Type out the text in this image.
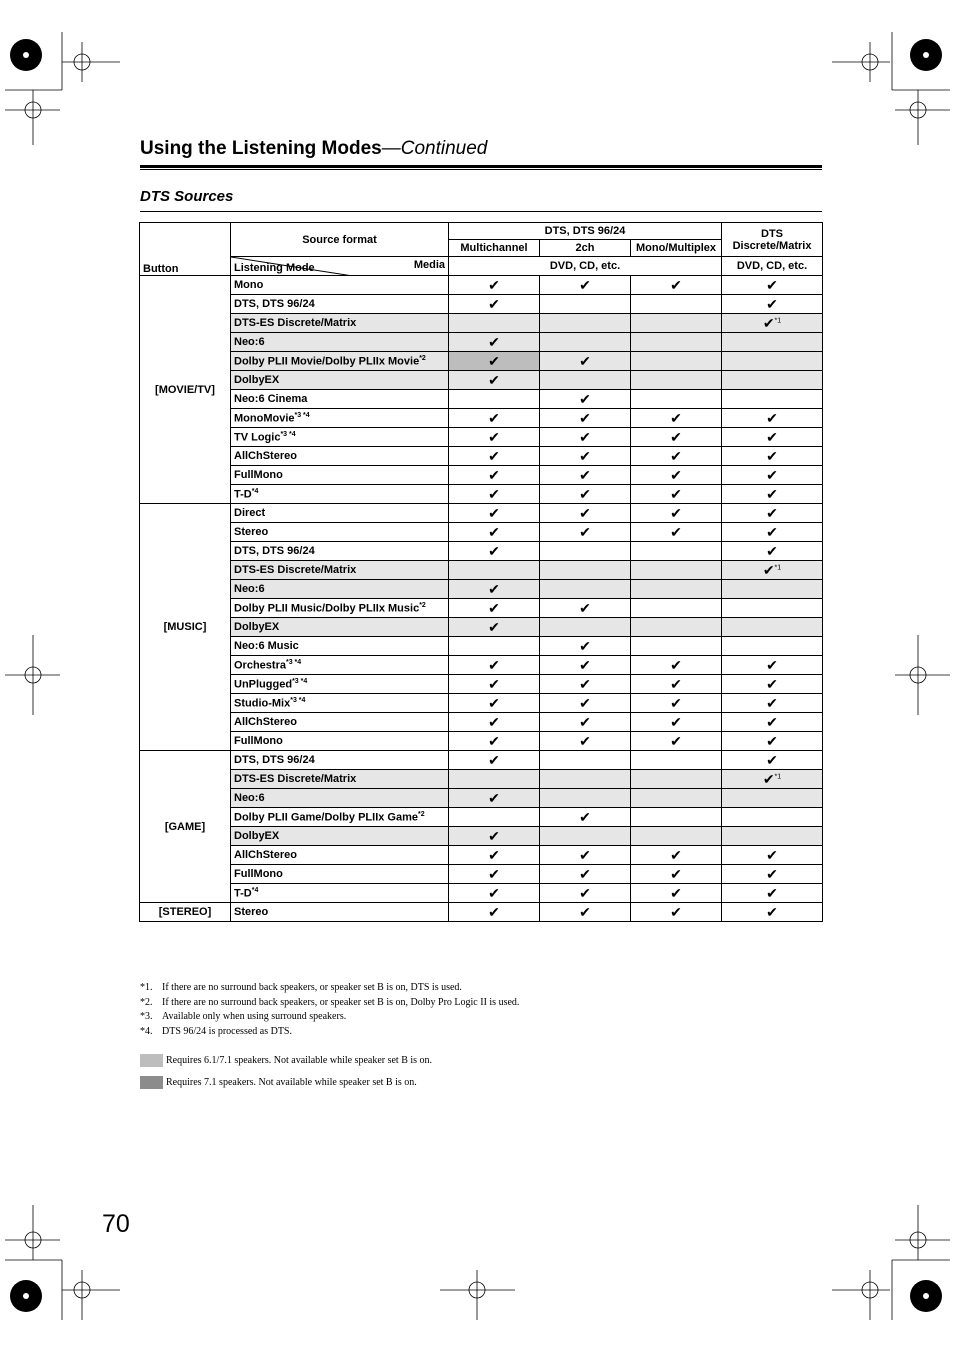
Using the Listening Modes—Continued
DTS Sources
Button	Source format	DTS, DTS 96/24			DTS
Discrete/Matrix
		Multichannel	2ch	Mono/Multiplex	

	Media
Listening Mode	DVD, CD, etc.			DVD, CD, etc.
[MOVIE/TV]	Mono	✔	✔	✔	✔
	DTS, DTS 96/24	✔			✔
	DTS-ES Discrete/Matrix				✔$^{*1}$
	Neo:6	✔			
	Dolby PLII Movie/Dolby PLIIx Movie$^{*2}$	✔	✔		
	DolbyEX	✔			
	Neo:6 Cinema		✔		
	MonoMovie$^{*3 *4}$	✔	✔	✔	✔
	TV Logic$^{*3 *4}$	✔	✔	✔	✔
	AllChStereo	✔	✔	✔	✔
	FullMono	✔	✔	✔	✔
	$T-D^{*4}$	✔	✔	✔	✔
[MUSIC]	Direct	✔	✔	✔	✔
	Stereo	✔	✔	✔	✔
	DTS, DTS 96/24	✔			✔
	DTS-ES Discrete/Matrix				✔$^{*1}$
	Neo:6	✔			
	Dolby PLII Music/Dolby PLIIx Music$^{*2}$	✔	✔		
	DolbyEX	✔			
	Neo:6 Music		✔		
	Orchestra$^{*3 *4}$	✔	✔	✔	✔
	UnPlugged$^{*3 *4}$	✔	✔	✔	✔
	Studio-Mix$^{*3 *4}$	✔	✔	✔	✔
	AllChStereo	✔	✔	✔	✔
	FullMono	✔	✔	✔	✔
[GAME]	DTS, DTS 96/24	✔			✔
	DTS-ES Discrete/Matrix				✔$^{*1}$
	Neo:6	✔			
	Dolby PLII Game/Dolby PLIIx Game$^{*2}$		✔		
	DolbyEX	✔			
	AllChStereo	✔	✔	✔	✔
	FullMono	✔	✔	✔	✔
	$T-D^{*4}$	✔	✔	✔	✔
[STEREO]	Stereo	✔	✔	✔	✔
*1. If there are no surround back speakers, or speaker set B is on, DTS is used.
*2. If there are no surround back speakers, or speaker set B is on, Dolby Pro Logic II is used.
*3. Available only when using surround speakers.
*4. DTS 96/24 is processed as DTS.
Requires 6.1/7.1 speakers. Not available while speaker set B is on.
Requires 7.1 speakers. Not available while speaker set B is on.
70
